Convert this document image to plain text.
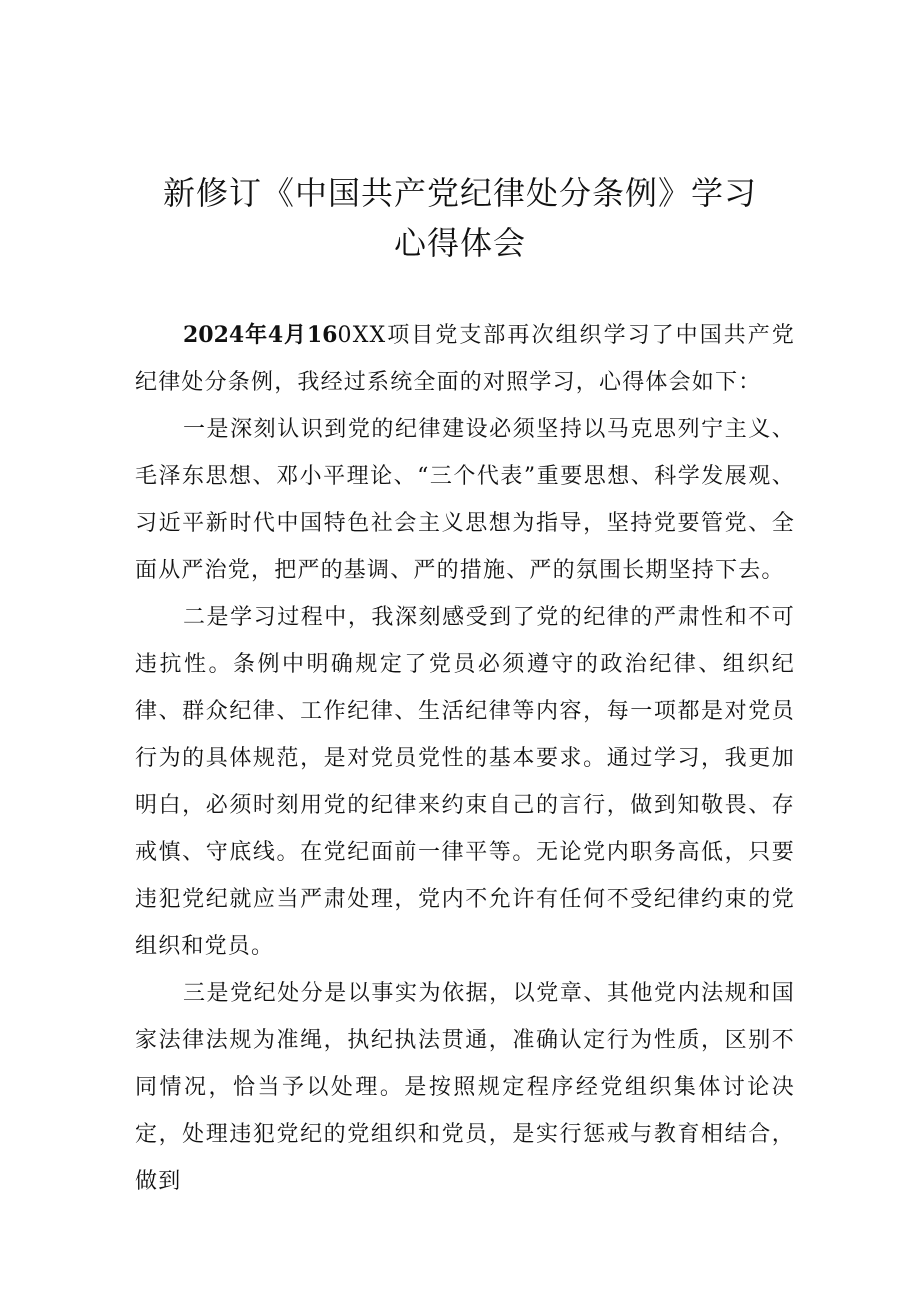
新修订《中国共产党纪律处分条例》学习
心得体会

2024年4月160XX项目党支部再次组织学习了中国共产党纪律处分条例，我经过系统全面的对照学习，心得体会如下：

一是深刻认识到党的纪律建设必须坚持以马克思列宁主义、毛泽东思想、邓小平理论、“三个代表”重要思想、科学发展观、习近平新时代中国特色社会主义思想为指导，坚持党要管党、全面从严治党，把严的基调、严的措施、严的氛围长期坚持下去。

二是学习过程中，我深刻感受到了党的纪律的严肃性和不可违抗性。条例中明确规定了党员必须遵守的政治纪律、组织纪律、群众纪律、工作纪律、生活纪律等内容，每一项都是对党员行为的具体规范，是对党员党性的基本要求。通过学习，我更加明白，必须时刻用党的纪律来约束自己的言行，做到知敬畏、存戒慎、守底线。在党纪面前一律平等。无论党内职务高低，只要违犯党纪就应当严肃处理，党内不允许有任何不受纪律约束的党组织和党员。

三是党纪处分是以事实为依据，以党章、其他党内法规和国家法律法规为准绳，执纪执法贯通，准确认定行为性质，区别不同情况，恰当予以处理。是按照规定程序经党组织集体讨论决定，处理违犯党纪的党组织和党员，是实行惩戒与教育相结合，做到
